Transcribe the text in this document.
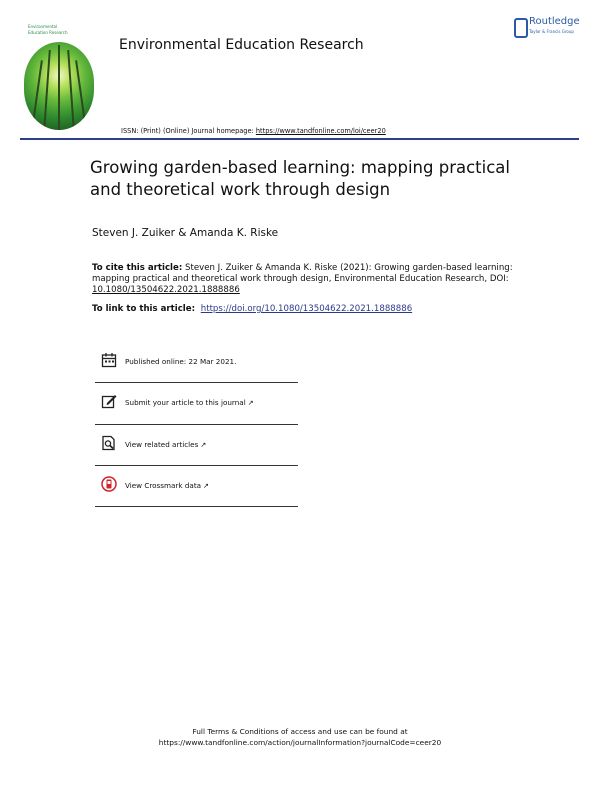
Environmental
Education Research
Environmental Education Research
Routledge
Taylor & Francis Group
ISSN: (Print) (Online) Journal homepage: https://www.tandfonline.com/loi/ceer20
Growing garden-based learning: mapping practical and theoretical work through design
Steven J. Zuiker & Amanda K. Riske
To cite this article: Steven J. Zuiker & Amanda K. Riske (2021): Growing garden-based learning: mapping practical and theoretical work through design, Environmental Education Research, DOI:
10.1080/13504622.2021.1888886
To link to this article: https://doi.org/10.1080/13504622.2021.1888886
Published online: 22 Mar 2021.
Submit your article to this journal ↗
View related articles ↗
View Crossmark data ↗
Full Terms & Conditions of access and use can be found at
https://www.tandfonline.com/action/journalInformation?journalCode=ceer20
